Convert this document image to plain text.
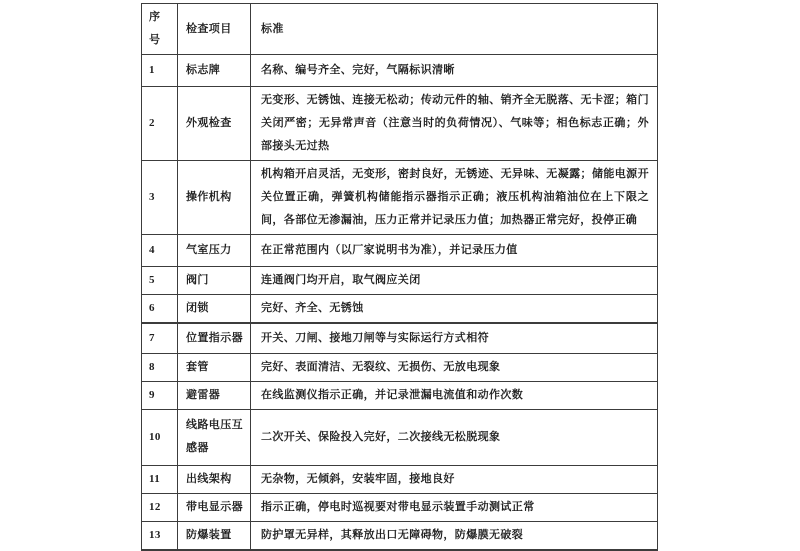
序号	检查项目	标准
1	标志牌	名称、编号齐全、完好，气隔标识清晰
2	外观检查	无变形、无锈蚀、连接无松动；传动元件的轴、销齐全无脱落、无卡涩；箱门关闭严密；无异常声音（注意当时的负荷情况）、气味等；相色标志正确；外部接头无过热
3	操作机构	机构箱开启灵活，无变形，密封良好，无锈迹、无异味、无凝露；储能电源开关位置正确，弹簧机构储能指示器指示正确；液压机构油箱油位在上下限之间，各部位无渗漏油，压力正常并记录压力值；加热器正常完好，投停正确
4	气室压力	在正常范围内（以厂家说明书为准），并记录压力值
5	阀门	连通阀门均开启，取气阀应关闭
6	闭锁	完好、齐全、无锈蚀
7	位置指示器	开关、刀闸、接地刀闸等与实际运行方式相符
8	套管	完好、表面清洁、无裂纹、无损伤、无放电现象
9	避雷器	在线监测仪指示正确，并记录泄漏电流值和动作次数
10	线路电压互感器	二次开关、保险投入完好，二次接线无松脱现象
11	出线架构	无杂物，无倾斜，安装牢固，接地良好
12	带电显示器	指示正确，停电时巡视要对带电显示装置手动测试正常
13	防爆装置	防护罩无异样，其释放出口无障碍物，防爆膜无破裂
